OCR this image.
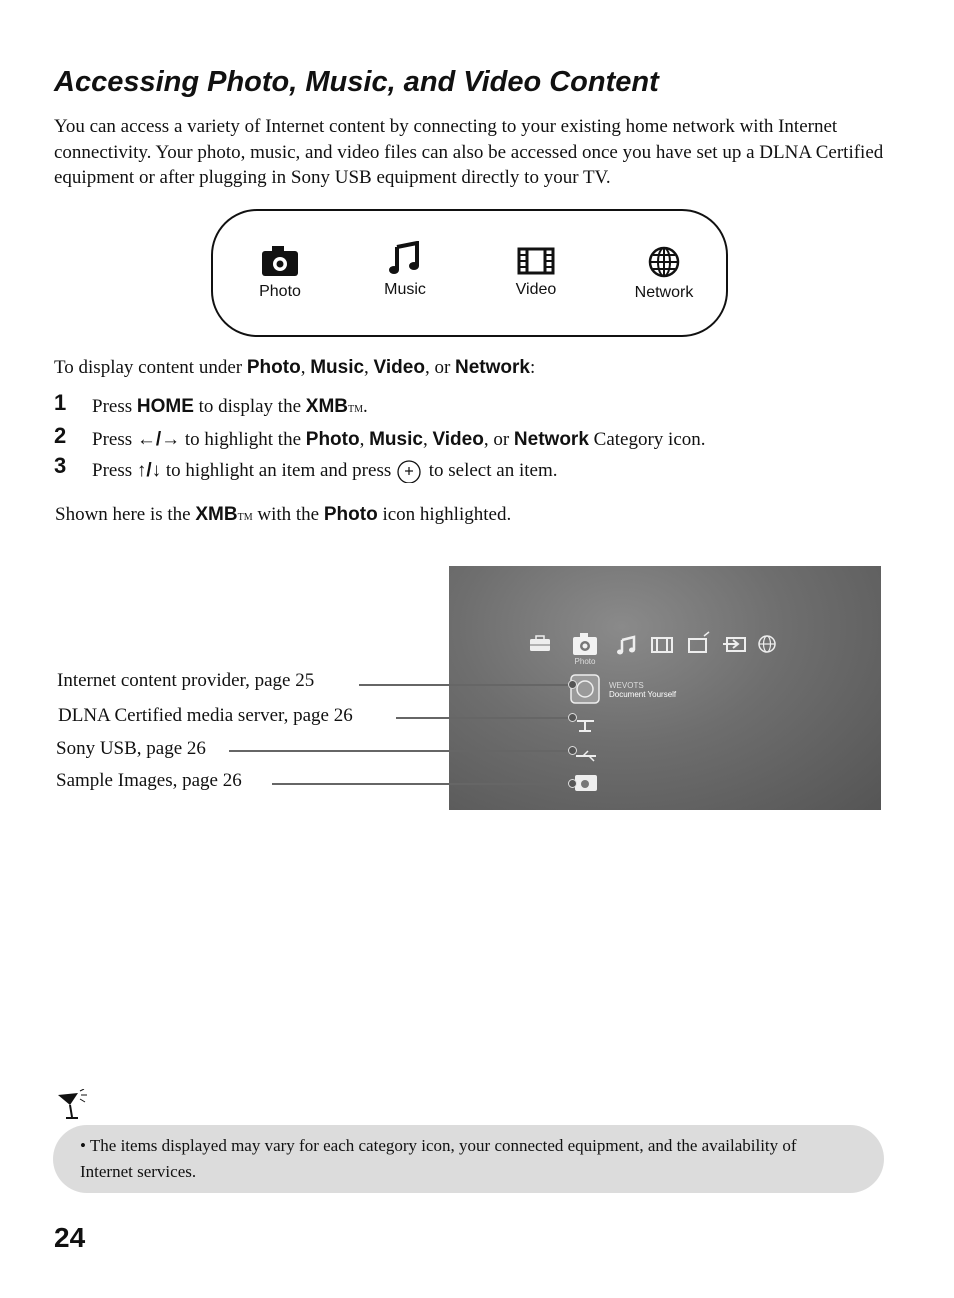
Accessing Photo, Music, and Video Content

You can access a variety of Internet content by connecting to your existing home network with Internet connectivity. Your photo, music, and video files can also be accessed once you have set up a DLNA Certified equipment or after plugging in Sony USB equipment directly to your TV.

Photo	Music	Video	Network

To display content under Photo, Music, Video, or Network:

1 Press HOME to display the XMBTM.
2 Press ←/→ to highlight the Photo, Music, Video, or Network Category icon.
3 Press ↑/↓ to highlight an item and press  to select an item.

Shown here is the XMBTM with the Photo icon highlighted.

Photo
WEVOTS
Document Yourself
Internet content provider, page 25
DLNA Certified media server, page 26
Sony USB, page 26
Sample Images, page 26

• The items displayed may vary for each category icon, your connected equipment, and the availability of Internet services.

24
